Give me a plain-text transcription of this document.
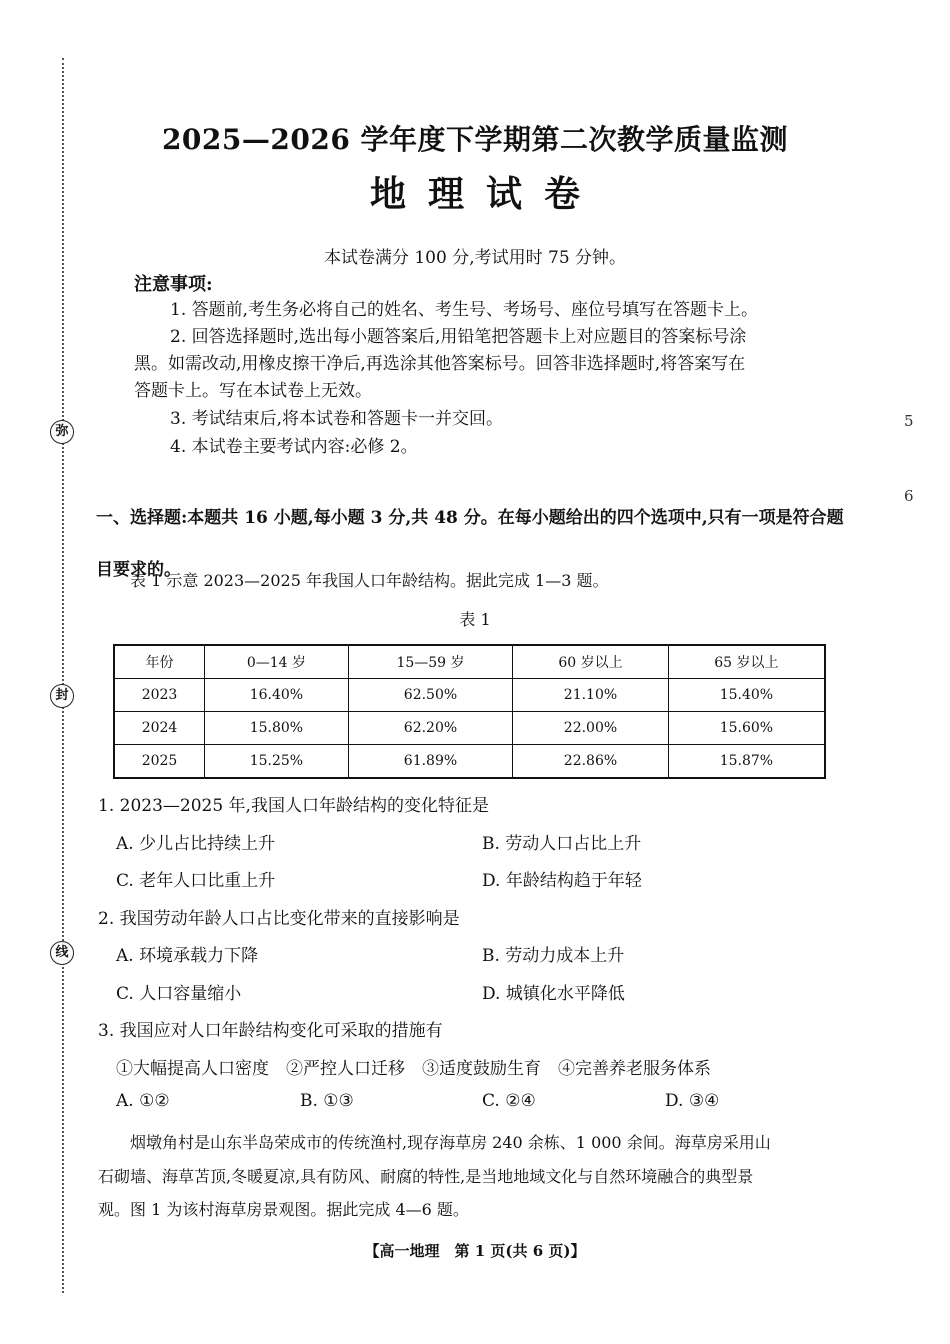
弥
封
线
5
6
2025—2026 学年度下学期第二次教学质量监测
地理试卷
本试卷满分 100 分,考试用时 75 分钟。
注意事项:
1. 答题前,考生务必将自己的姓名、考生号、考场号、座位号填写在答题卡上。
2. 回答选择题时,选出每小题答案后,用铅笔把答题卡上对应题目的答案标号涂
黑。如需改动,用橡皮擦干净后,再选涂其他答案标号。回答非选择题时,将答案写在
答题卡上。写在本试卷上无效。
3. 考试结束后,将本试卷和答题卡一并交回。
4. 本试卷主要考试内容:必修 2。
一、选择题:本题共 16 小题,每小题 3 分,共 48 分。在每小题给出的四个选项中,只有一项是符合题目要求的。
表 1 示意 2023—2025 年我国人口年龄结构。据此完成 1—3 题。
表 1
年份	0—14 岁	15—59 岁	60 岁以上	65 岁以上
2023	16.40%	62.50%	21.10%	15.40%
2024	15.80%	62.20%	22.00%	15.60%
2025	15.25%	61.89%	22.86%	15.87%
1. 2023—2025 年,我国人口年龄结构的变化特征是
A. 少儿占比持续上升	B. 劳动人口占比上升
C. 老年人口比重上升	D. 年龄结构趋于年轻
2. 我国劳动年龄人口占比变化带来的直接影响是
A. 环境承载力下降	B. 劳动力成本上升
C. 人口容量缩小	D. 城镇化水平降低
3. 我国应对人口年龄结构变化可采取的措施有
①大幅提高人口密度　②严控人口迁移　③适度鼓励生育　④完善养老服务体系
A. ①②	B. ①③	C. ②④	D. ③④
烟墩角村是山东半岛荣成市的传统渔村,现存海草房 240 余栋、1 000 余间。海草房采用山
石砌墙、海草苫顶,冬暖夏凉,具有防风、耐腐的特性,是当地地域文化与自然环境融合的典型景
观。图 1 为该村海草房景观图。据此完成 4—6 题。
【高一地理　第 1 页(共 6 页)】
